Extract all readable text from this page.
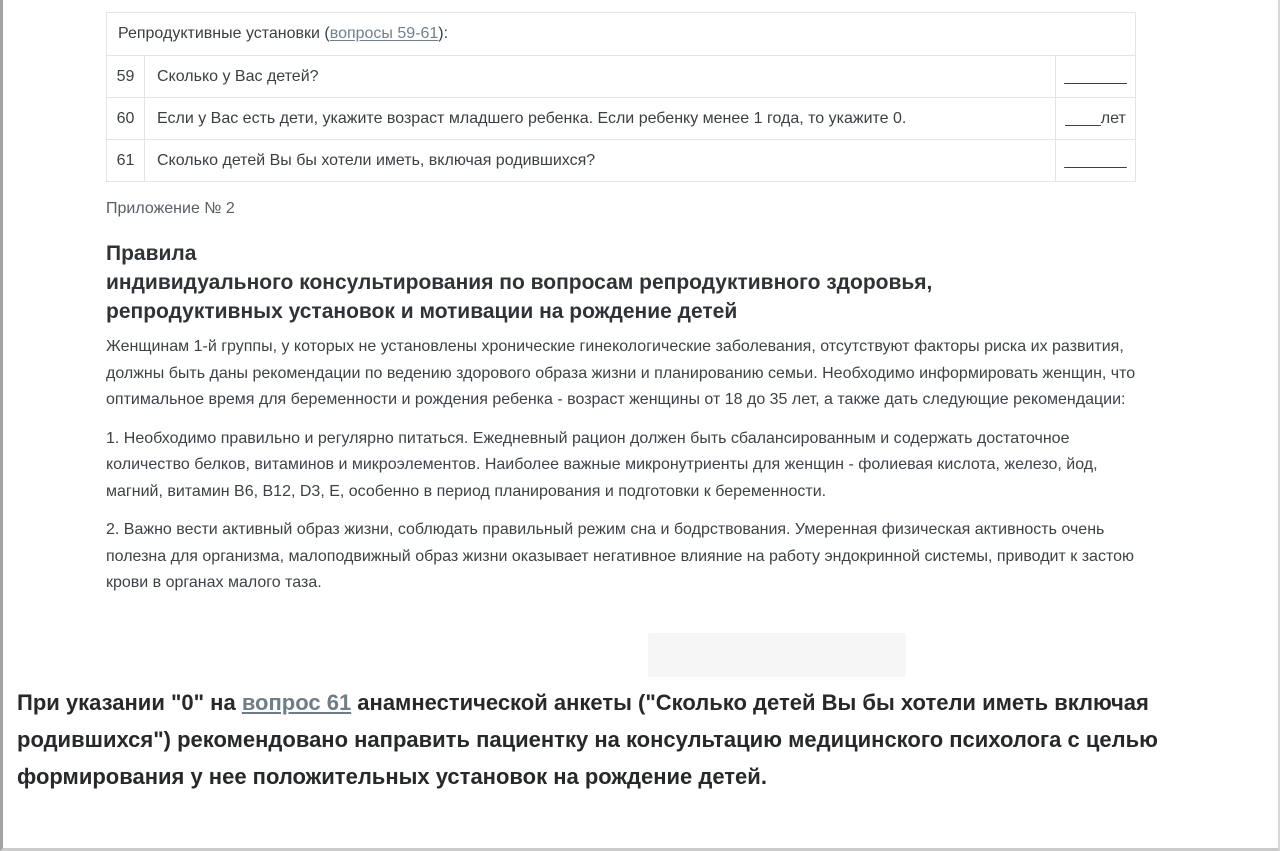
Репродуктивные установки (вопросы 59-61):		
59	Сколько у Вас детей?	_______
60	Если у Вас есть дети, укажите возраст младшего ребенка. Если ребенку менее 1 года, то укажите 0.	____лет
61	Сколько детей Вы бы хотели иметь, включая родившихся?	_______
Приложение № 2
Правила
индивидуального консультирования по вопросам репродуктивного здоровья,
репродуктивных установок и мотивации на рождение детей
Женщинам 1-й группы, у которых не установлены хронические гинекологические заболевания, отсутствуют факторы риска их развития, должны быть даны рекомендации по ведению здорового образа жизни и планированию семьи. Необходимо информировать женщин, что оптимальное время для беременности и рождения ребенка - возраст женщины от 18 до 35 лет, а также дать следующие рекомендации:
1. Необходимо правильно и регулярно питаться. Ежедневный рацион должен быть сбалансированным и содержать достаточное количество белков, витаминов и микроэлементов. Наиболее важные микронутриенты для женщин - фолиевая кислота, железо, йод, магний, витамин B6, B12, D3, E, особенно в период планирования и подготовки к беременности.
2. Важно вести активный образ жизни, соблюдать правильный режим сна и бодрствования. Умеренная физическая активность очень полезна для организма, малоподвижный образ жизни оказывает негативное влияние на работу эндокринной системы, приводит к застою крови в органах малого таза.
При указании "0" на вопрос 61 анамнестической анкеты ("Сколько детей Вы бы хотели иметь включая родившихся") рекомендовано направить пациентку на консультацию медицинского психолога с целью формирования у нее положительных установок на рождение детей.
